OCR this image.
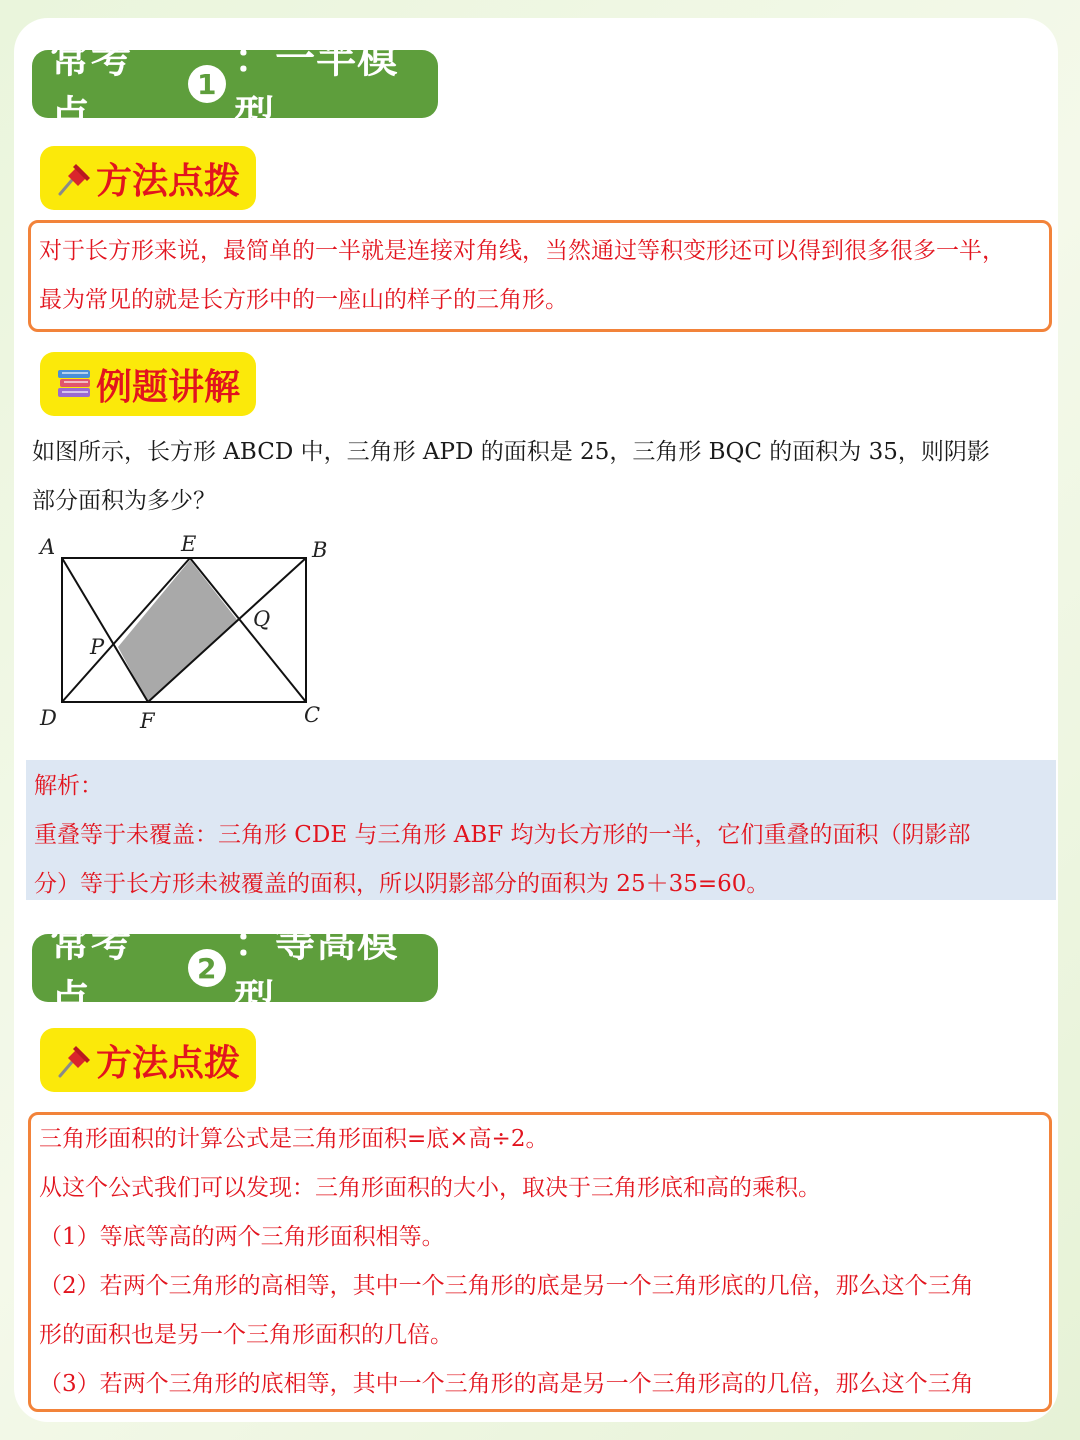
常考点
1
：一半模型
方法点拨

对于长方形来说，最简单的一半就是连接对角线，当然通过等积变形还可以得到很多很多一半，

最为常见的就是长方形中的一座山的样子的三角形。

例题讲解
如图所示，长方形 ABCD 中，三角形 APD 的面积是 25，三角形 BQC 的面积为 35，则阴影
部分面积为多少？
A	E	B
Q
P
D	F	C

解析：

重叠等于未覆盖：三角形 CDE 与三角形 ABF 均为长方形的一半，它们重叠的面积（阴影部

分）等于长方形未被覆盖的面积，所以阴影部分的面积为 25＋35=60。

常考点
2
：等高模型
方法点拨

三角形面积的计算公式是三角形面积=底×高÷2。

从这个公式我们可以发现：三角形面积的大小，取决于三角形底和高的乘积。

（1）等底等高的两个三角形面积相等。

（2）若两个三角形的高相等，其中一个三角形的底是另一个三角形底的几倍，那么这个三角

形的面积也是另一个三角形面积的几倍。

（3）若两个三角形的底相等，其中一个三角形的高是另一个三角形高的几倍，那么这个三角
